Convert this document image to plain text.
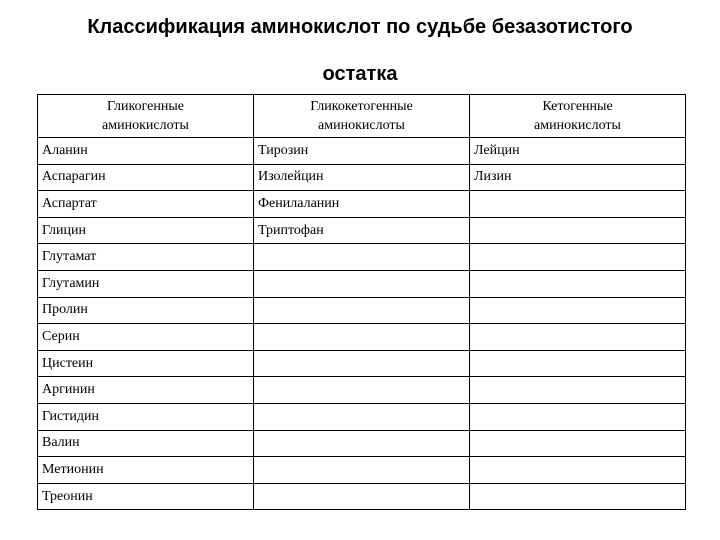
Классификация аминокислот по судьбе безазотистого
остатка
Гликогенные аминокислоты	Гликокетогенные аминокислоты	Кетогенные аминокислоты
Аланин	Тирозин	Лейцин
Аспарагин	Изолейцин	Лизин
Аспартат	Фенилаланин	
Глицин	Триптофан	
Глутамат		
Глутамин		
Пролин		
Серин		
Цистеин		
Аргинин		
Гистидин		
Валин		
Метионин		
Треонин		
